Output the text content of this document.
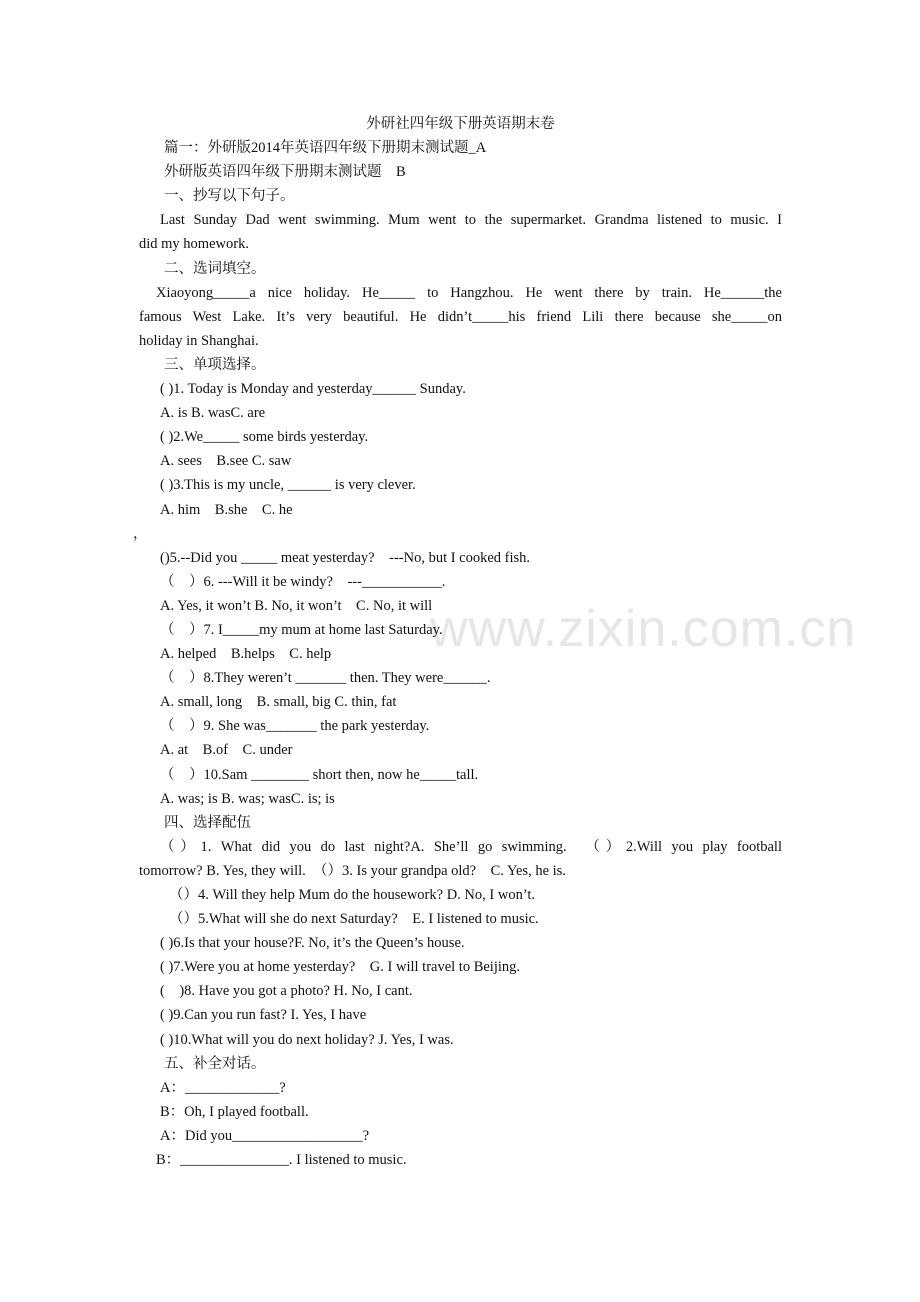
www.zixin.com.cn
外研社四年级下册英语期末卷
篇一：外研版2014年英语四年级下册期末测试题_A
外研版英语四年级下册期末测试题　B
一、抄写以下句子。
Last Sunday Dad went swimming. Mum went to the supermarket. Grandma listened to music. I
did my homework.
二、选词填空。
Xiaoyong_____a nice holiday. He_____ to Hangzhou. He went there by train. He______the
famous West Lake. It’s very beautiful. He didn’t_____his friend Lili there because she_____on
holiday in Shanghai.
三、单项选择。
( )1. Today is Monday and yesterday______ Sunday.
A. is B. wasC. are
( )2.We_____ some birds yesterday.
A. sees　B.see C. saw
( )3.This is my uncle, ______ is very clever.
A. him　B.she　C. he
，
()5.--Did you _____ meat yesterday?　---No, but I cooked fish.
（　）6. ---Will it be windy?　---___________.
A. Yes, it won’t B. No, it won’t　C. No, it will
（　）7. I_____my mum at home last Saturday.
A. helped　B.helps　C. help
（　）8.They weren’t _______ then. They were______.
A. small, long　B. small, big C. thin, fat
（　）9. She was_______ the park yesterday.
A. at　B.of　C. under
（　）10.Sam ________ short then, now he_____tall.
A. was; is B. was; wasC. is; is
四、选择配伍
（）1. What did you do last night?A. She’ll go swimming.　（）2.Will you play football
tomorrow? B. Yes, they will.　（）3. Is your grandpa old?　C. Yes, he is.
（）4. Will they help Mum do the housework? D. No, I won’t.
（）5.What will she do next Saturday?　E. I listened to music.
( )6.Is that your house?F. No, it’s the Queen’s house.
( )7.Were you at home yesterday?　G. I will travel to Beijing.
(　)8. Have you got a photo? H. No, I cant.
( )9.Can you run fast? I. Yes, I have
( )10.What will you do next holiday? J. Yes, I was.
五、补全对话。
A：_____________?
B：Oh, I played football.
A：Did you__________________?
B：_______________. I listened to music.
